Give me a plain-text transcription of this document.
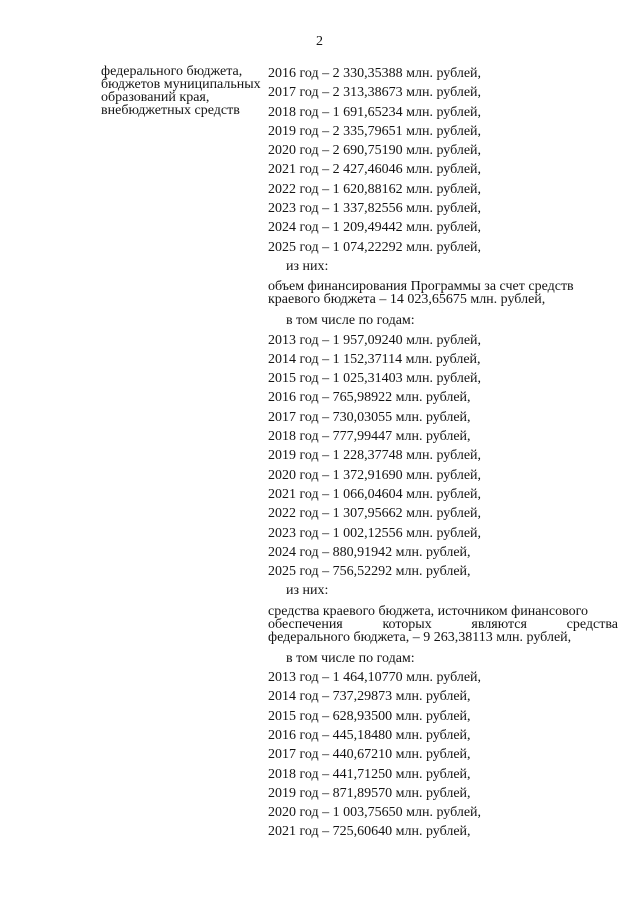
2
федерального бюджета, бюджетов муниципальных образований края, внебюджетных средств
2016 год – 2 330,35388 млн. рублей,
2017 год – 2 313,38673 млн. рублей,
2018 год – 1 691,65234 млн. рублей,
2019 год – 2 335,79651 млн. рублей,
2020 год – 2 690,75190 млн. рублей,
2021 год – 2 427,46046 млн. рублей,
2022 год – 1 620,88162 млн. рублей,
2023 год – 1 337,82556 млн. рублей,
2024 год – 1 209,49442 млн. рублей,
2025 год – 1 074,22292 млн. рублей,
из них:
объем финансирования Программы за счет средств
краевого бюджета – 14 023,65675 млн. рублей,
в том числе по годам:
2013 год – 1 957,09240 млн. рублей,
2014 год – 1 152,37114 млн. рублей,
2015 год – 1 025,31403 млн. рублей,
2016 год – 765,98922 млн. рублей,
2017 год – 730,03055 млн. рублей,
2018 год – 777,99447 млн. рублей,
2019 год – 1 228,37748 млн. рублей,
2020 год – 1 372,91690 млн. рублей,
2021 год – 1 066,04604 млн. рублей,
2022 год – 1 307,95662 млн. рублей,
2023 год – 1 002,12556 млн. рублей,
2024 год – 880,91942 млн. рублей,
2025 год – 756,52292 млн. рублей,
из них:
средства краевого бюджета, источником финансового
обеспечения	которых	являются	средства
федерального бюджета, – 9 263,38113 млн. рублей,
в том числе по годам:
2013 год – 1 464,10770 млн. рублей,
2014 год – 737,29873 млн. рублей,
2015 год – 628,93500 млн. рублей,
2016 год – 445,18480 млн. рублей,
2017 год – 440,67210 млн. рублей,
2018 год – 441,71250 млн. рублей,
2019 год – 871,89570 млн. рублей,
2020 год – 1 003,75650 млн. рублей,
2021 год – 725,60640 млн. рублей,
